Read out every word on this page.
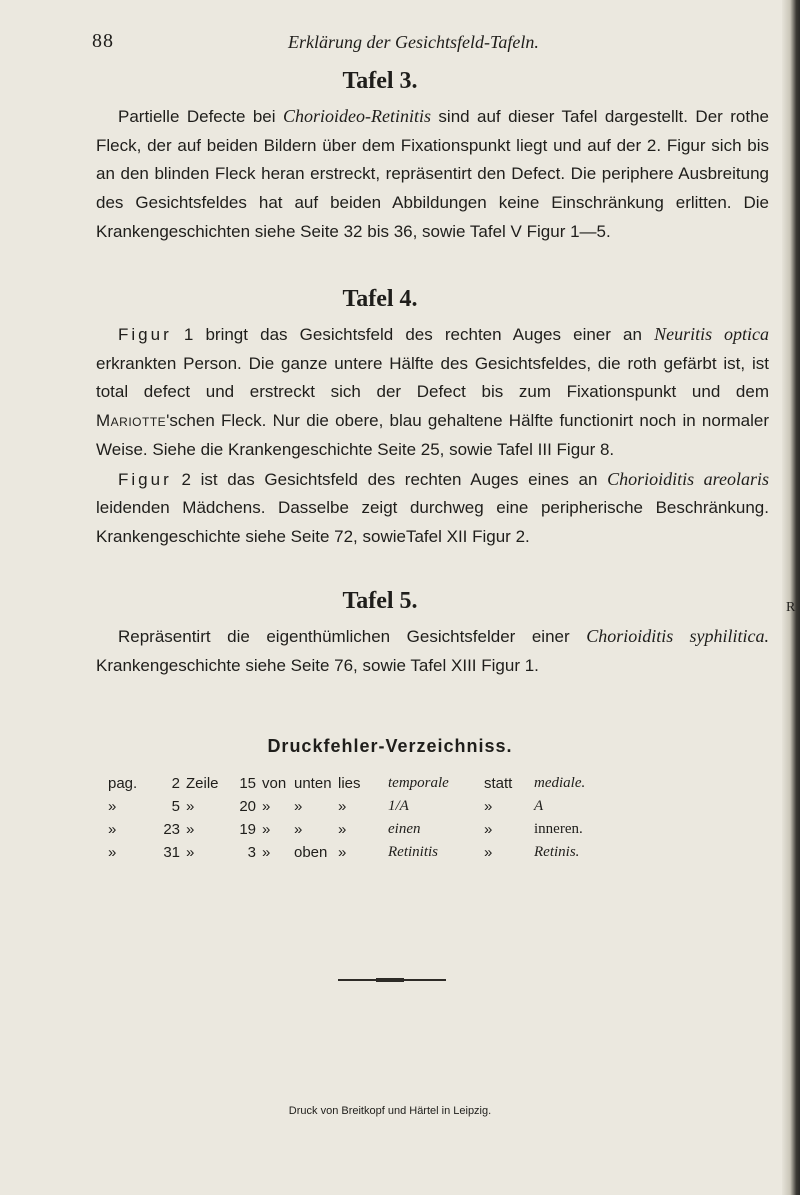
88	Erklärung der Gesichtsfeld-Tafeln.
Tafel 3.

Partielle Defecte bei Chorioideo-Retinitis sind auf dieser Tafel dargestellt. Der rothe Fleck, der auf beiden Bildern über dem Fixationspunkt liegt und auf der 2. Figur sich bis an den blinden Fleck heran erstreckt, repräsentirt den Defect. Die periphere Ausbreitung des Gesichtsfeldes hat auf beiden Abbildungen keine Einschränkung erlitten. Die Krankengeschichten siehe Seite 32 bis 36, sowie Tafel V Figur 1—5.

Tafel 4.

Figur 1 bringt das Gesichtsfeld des rechten Auges einer an Neuritis optica erkrankten Person. Die ganze untere Hälfte des Gesichtsfeldes, die roth gefärbt ist, ist total defect und erstreckt sich der Defect bis zum Fixationspunkt und dem Mariotte'schen Fleck. Nur die obere, blau gehaltene Hälfte functionirt noch in normaler Weise. Siehe die Krankengeschichte Seite 25, sowie Tafel III Figur 8.

Figur 2 ist das Gesichtsfeld des rechten Auges eines an Chorioiditis areolaris leidenden Mädchens. Dasselbe zeigt durchweg eine peripherische Beschränkung. Krankengeschichte siehe Seite 72, sowieTafel XII Figur 2.

Tafel 5.

Repräsentirt die eigenthümlichen Gesichtsfelder einer Chorioiditis syphilitica. Krankengeschichte siehe Seite 76, sowie Tafel XIII Figur 1.

R
Druckfehler-Verzeichniss.
pag.	2	Zeile	15	von	unten	lies	temporale	statt	mediale.
»	5	»	20	»	»	»	1/A	»	A
»	23	»	19	»	»	»	einen	»	inneren.
»	31	»	3	»	oben	»	Retinitis	»	Retinis.
Druck von Breitkopf und Härtel in Leipzig.
